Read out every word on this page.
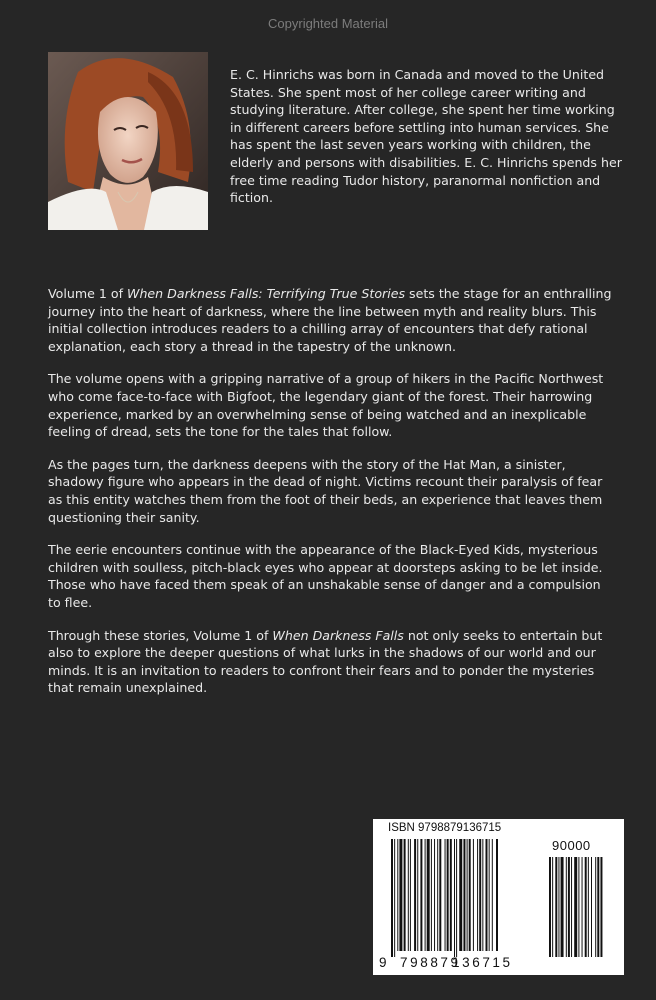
Copyrighted Material

E. C. Hinrichs was born in Canada and moved to the United States. She spent most of her college career writing and studying literature. After college, she spent her time working in different careers before settling into human services. She has spent the last seven years working with children, the elderly and persons with disabilities. E. C. Hinrichs spends her free time reading Tudor history, paranormal nonfiction and fiction.

Volume 1 of When Darkness Falls: Terrifying True Stories sets the stage for an enthralling journey into the heart of darkness, where the line between myth and reality blurs. This initial collection introduces readers to a chilling array of encounters that defy rational explanation, each story a thread in the tapestry of the unknown.

The volume opens with a gripping narrative of a group of hikers in the Pacific Northwest who come face-to-face with Bigfoot, the legendary giant of the forest. Their harrowing experience, marked by an overwhelming sense of being watched and an inexplicable feeling of dread, sets the tone for the tales that follow.

As the pages turn, the darkness deepens with the story of the Hat Man, a sinister, shadowy figure who appears in the dead of night. Victims recount their paralysis of fear as this entity watches them from the foot of their beds, an experience that leaves them questioning their sanity.

The eerie encounters continue with the appearance of the Black-Eyed Kids, mysterious children with soulless, pitch-black eyes who appear at doorsteps asking to be let inside. Those who have faced them speak of an unshakable sense of danger and a compulsion to flee.

Through these stories, Volume 1 of When Darkness Falls not only seeks to entertain but also to explore the deeper questions of what lurks in the shadows of our world and our minds. It is an invitation to readers to confront their fears and to ponder the mysteries that remain unexplained.

ISBN 9798879136715
90000
9 798879
136715
